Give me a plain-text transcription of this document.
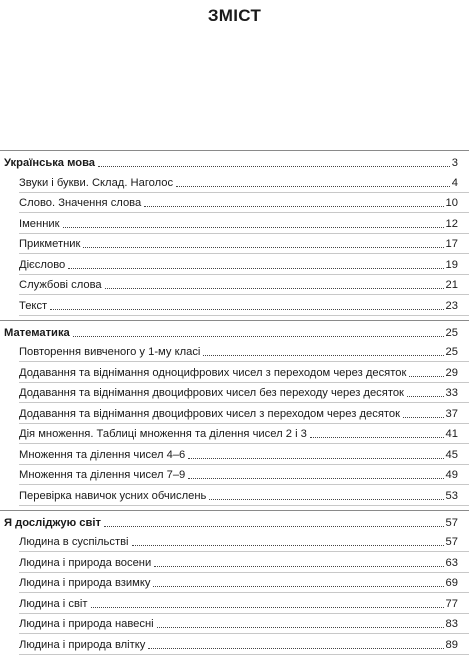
ЗМІСТ
Українська мова	3
Звуки і букви. Склад. Наголос	4
Слово. Значення слова	10
Іменник	12
Прикметник	17
Дієслово	19
Службові слова	21
Текст	23
Математика	25
Повторення вивченого у 1-му класі	25
Додавання та віднімання одноцифрових чисел з переходом через десяток	29
Додавання та віднімання двоцифрових чисел без переходу через десяток	33
Додавання та віднімання двоцифрових чисел з переходом через десяток	37
Дія множення. Таблиці множення та ділення чисел 2 і 3	41
Множення та ділення чисел 4–6	45
Множення та ділення чисел 7–9	49
Перевірка навичок усних обчислень	53
Я досліджую світ	57
Людина в суспільстві	57
Людина і природа восени	63
Людина і природа взимку	69
Людина і світ	77
Людина і природа навесні	83
Людина і природа влітку	89
